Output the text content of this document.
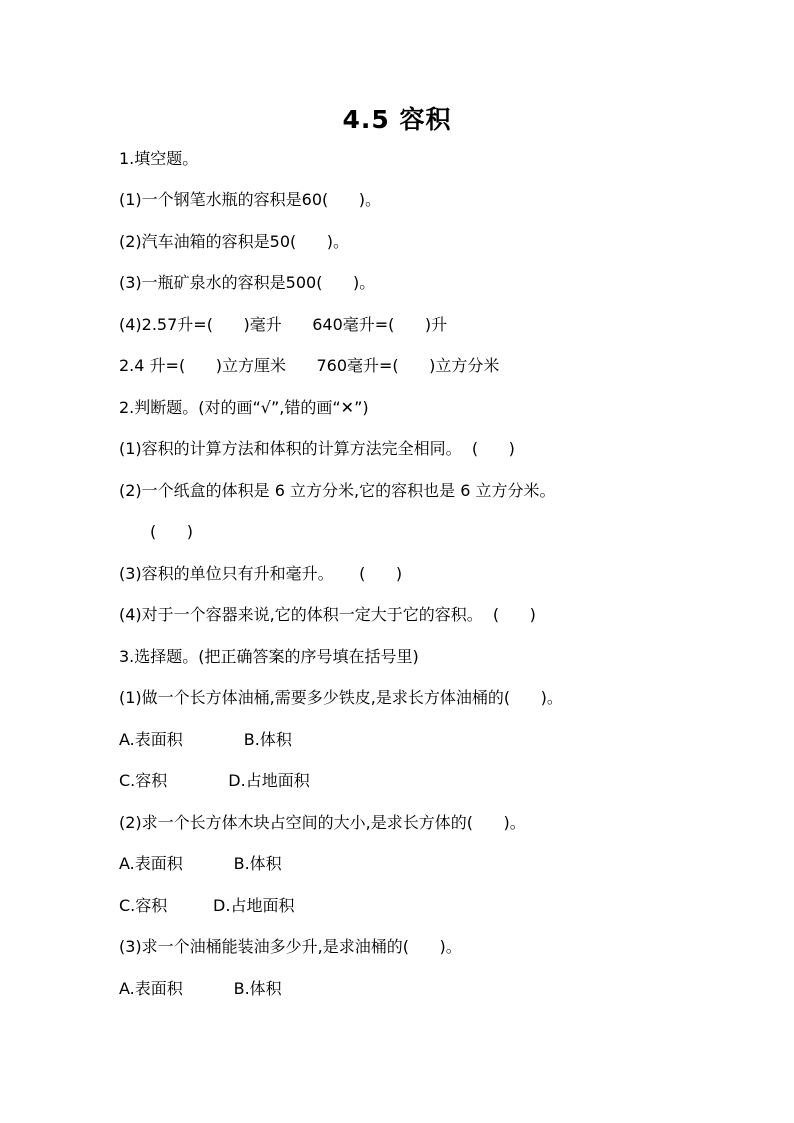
4.5 容积

1.填空题。

(1)一个钢笔水瓶的容积是60(      )。

(2)汽车油箱的容积是50(      )。

(3)一瓶矿泉水的容积是500(      )。

(4)2.57升=(      )毫升      640毫升=(      )升

2.4 升=(      )立方厘米      760毫升=(      )立方分米

2.判断题。(对的画“√”,错的画“✕”)

(1)容积的计算方法和体积的计算方法完全相同。  (      )

(2)一个纸盒的体积是 6 立方分米,它的容积也是 6 立方分米。

(      )

(3)容积的单位只有升和毫升。     (      )

(4)对于一个容器来说,它的体积一定大于它的容积。  (      )

3.选择题。(把正确答案的序号填在括号里)

(1)做一个长方体油桶,需要多少铁皮,是求长方体油桶的(      )。

A.表面积            B.体积

C.容积            D.占地面积

(2)求一个长方体木块占空间的大小,是求长方体的(      )。

A.表面积          B.体积

C.容积         D.占地面积

(3)求一个油桶能装油多少升,是求油桶的(      )。

A.表面积          B.体积
